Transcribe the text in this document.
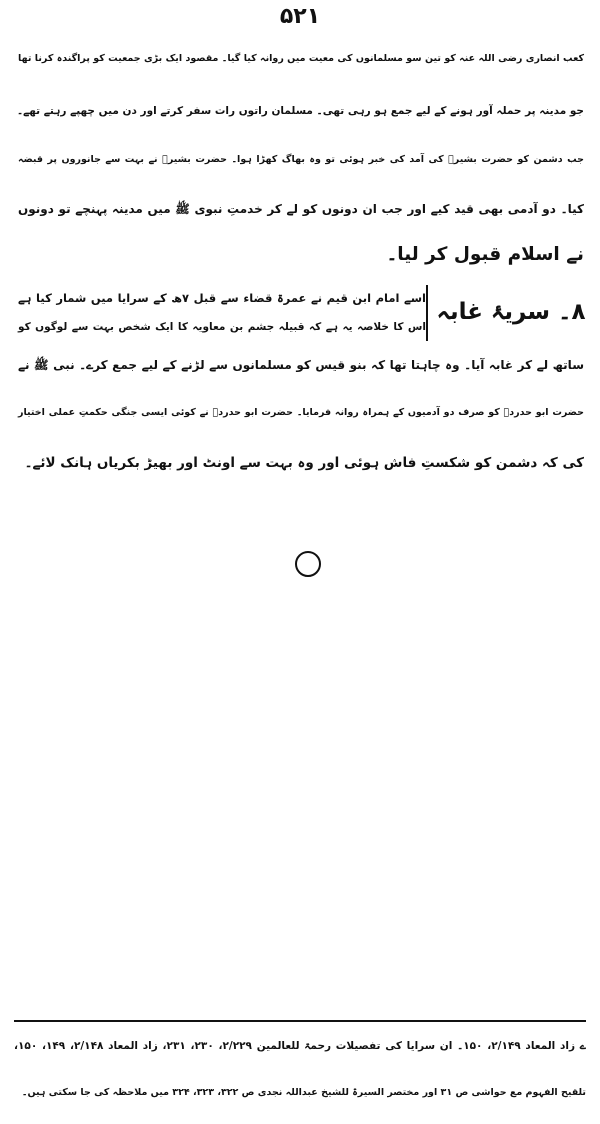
۵۲۱
کعب انصاری رضی اللہ عنہ کو تین سو مسلمانوں کی معیت میں روانہ کیا گیا۔ مقصود ایک بڑی جمعیت کو پراگندہ کرنا تھا
جو مدینہ پر حملہ آور ہونے کے لیے جمع ہو رہی تھی۔ مسلمان راتوں رات سفر کرتے اور دن میں چھپے رہتے تھے۔
جب دشمن کو حضرت بشیرؓ کی آمد کی خبر ہوئی تو وہ بھاگ کھڑا ہوا۔ حضرت بشیرؓ نے بہت سے جانوروں پر قبضہ
کیا۔ دو آدمی بھی قید کیے اور جب ان دونوں کو لے کر خدمتِ نبوی ﷺ میں مدینہ پہنچے تو دونوں
نے اسلام قبول کر لیا۔
۸۔ سریۂ غابہ
اسے امام ابن قیم نے عمرۃ قضاء سے قبل ۷ھ کے سرایا میں شمار کیا ہے
اس کا خلاصہ یہ ہے کہ قبیلہ جشم بن معاویہ کا ایک شخص بہت سے لوگوں کو
ساتھ لے کر غابہ آیا۔ وہ چاہتا تھا کہ بنو قیس کو مسلمانوں سے لڑنے کے لیے جمع کرے۔ نبی ﷺ نے
حضرت ابو حدردؓ کو صرف دو آدمیوں کے ہمراہ روانہ فرمایا۔ حضرت ابو حدردؓ نے کوئی ایسی جنگی حکمتِ عملی اختیار
کی کہ دشمن کو شکستِ فاش ہوئی اور وہ بہت سے اونٹ اور بھیڑ بکریاں ہانک لائے۔
ے زاد المعاد ۲/۱۴۹، ۱۵۰۔ ان سرایا کی تفصیلات رحمۃ للعالمین ۲/۲۲۹، ۲۳۰، ۲۳۱، زاد المعاد ۲/۱۴۸، ۱۴۹، ۱۵۰،
تلقیح الفہوم مع حواشی ص ۳۱ اور مختصر السیرۃ للشیخ عبداللہ نجدی ص ۳۲۲، ۳۲۳، ۳۲۴ میں ملاحظہ کی جا سکتی ہیں۔
